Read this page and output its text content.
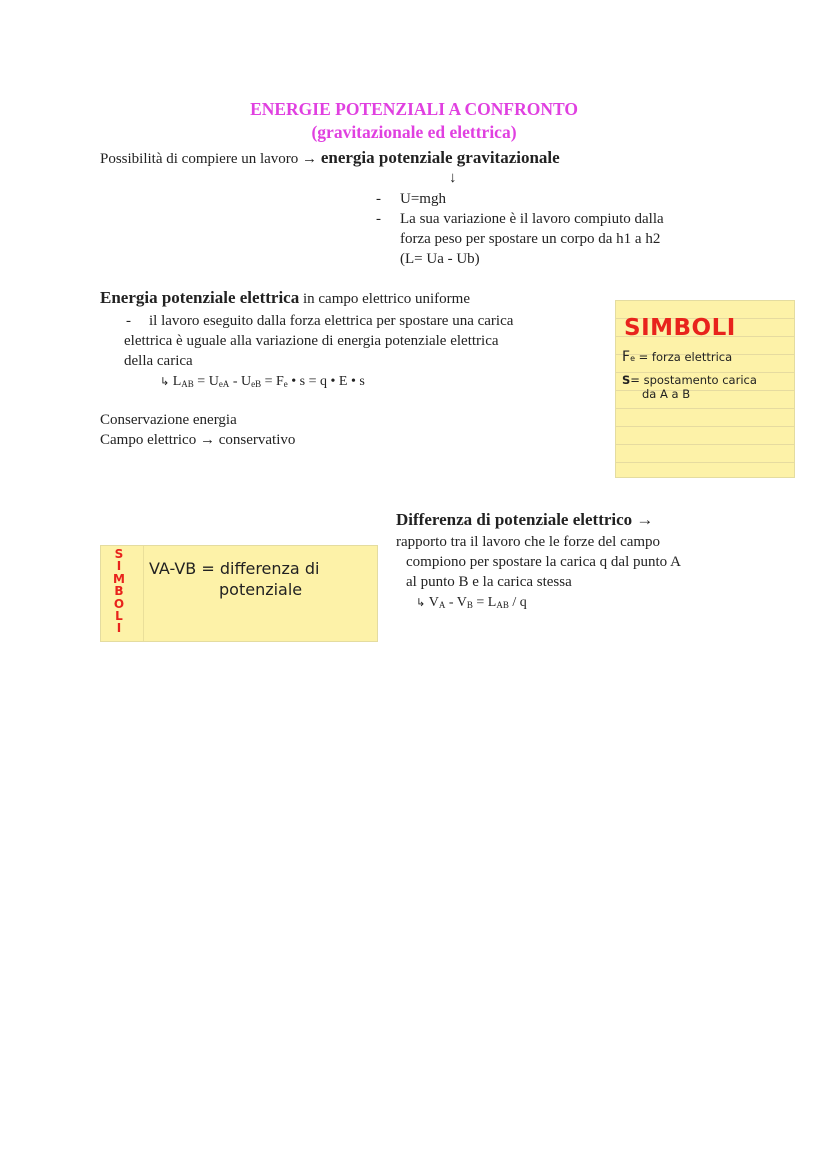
ENERGIE POTENZIALI A CONFRONTO
(gravitazionale ed elettrica)
Possibilità di compiere un lavoro → energia potenziale gravitazionale
↓
- U=mgh
- La sua variazione è il lavoro compiuto dalla
forza peso per spostare un corpo da h1 a h2
(L= Ua - Ub)
Energia potenziale elettrica in campo elettrico uniforme
- il lavoro eseguito dalla forza elettrica per spostare una carica
elettrica è uguale alla variazione di energia potenziale elettrica
della carica
↳ $L_{AB} = U_{eA} - U_{eB} = F_e$ • s = q • E • s
Conservazione energia
Campo elettrico → conservativo
SIMBOLI
Fe = forza elettrica
S= spostamento carica
da A a B
Differenza di potenziale elettrico →
rapporto tra il lavoro che le forze del campo
compiono per spostare la carica q dal punto A
al punto B e la carica stessa
↳ $V_A - V_B = L_{AB} / q$
S
I
M
B
O
L
I
VA-VB = differenza di
potenziale
